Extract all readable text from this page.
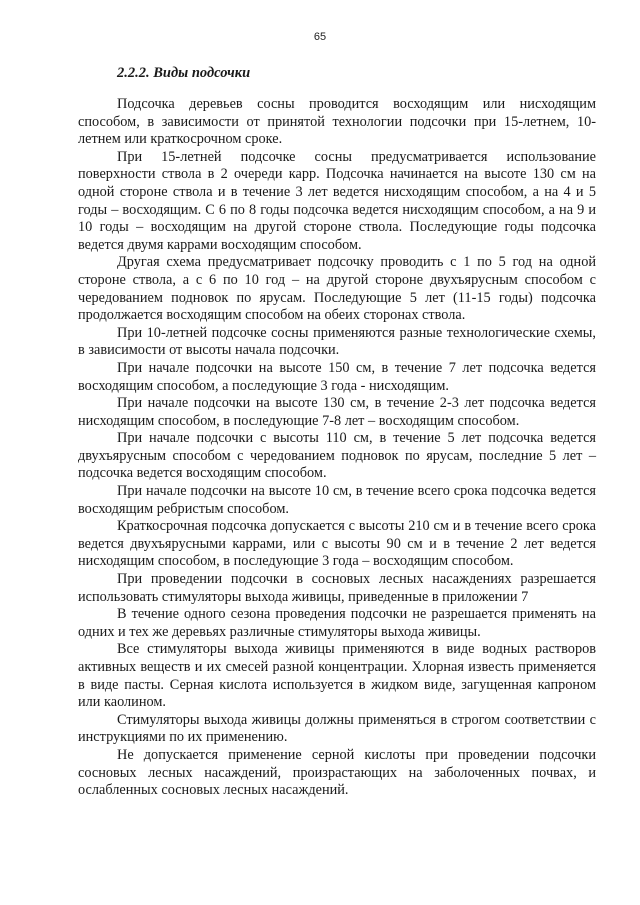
65
2.2.2. Виды подсочки

Подсочка деревьев сосны проводится восходящим или нисходящим способом, в зависимости от принятой технологии подсочки при 15-летнем, 10-летнем или краткосрочном сроке.

При 15-летней подсочке сосны предусматривается использование поверхности ствола в 2 очереди карр. Подсочка начинается на высоте 130 см на одной стороне ствола и в течение 3 лет ведется нисходящим способом, а на 4 и 5 годы – восходящим. С 6 по 8 годы подсочка ведется нисходящим способом, а на 9 и 10 годы – восходящим на другой стороне ствола. Последующие годы подсочка ведется двумя каррами восходящим способом.

Другая схема предусматривает подсочку проводить с 1 по 5 год на одной стороне ствола, а с 6 по 10 год – на другой стороне двухъярусным способом с чередованием подновок по ярусам. Последующие 5 лет (11-15 годы) подсочка продолжается восходящим способом на обеих сторонах ствола.

При 10-летней подсочке сосны применяются разные технологические схемы, в зависимости от высоты начала подсочки.

При начале подсочки на высоте 150 см, в течение 7 лет подсочка ведется восходящим способом, а последующие 3 года - нисходящим.

При начале подсочки на высоте 130 см, в течение 2-3 лет подсочка ведется нисходящим способом, в последующие 7-8 лет – восходящим способом.

При начале подсочки с высоты 110 см, в течение 5 лет подсочка ведется двухъярусным способом с чередованием подновок по ярусам, последние 5 лет – подсочка ведется восходящим способом.

При начале подсочки на высоте 10 см, в течение всего срока подсочка ведется восходящим ребристым способом.

Краткосрочная подсочка допускается с высоты 210 см и в течение всего срока ведется двухъярусными каррами, или с высоты 90 см и в течение 2 лет ведется нисходящим способом, в последующие 3 года – восходящим способом.

При проведении подсочки в сосновых лесных насаждениях разрешается использовать стимуляторы выхода живицы, приведенные в приложении 7

В течение одного сезона проведения подсочки не разрешается применять на одних и тех же деревьях различные стимуляторы выхода живицы.

Все стимуляторы выхода живицы применяются в виде водных растворов активных веществ и их смесей разной концентрации. Хлорная известь применяется в виде пасты. Серная кислота используется в жидком виде, загущенная капроном или каолином.

Стимуляторы выхода живицы должны применяться в строгом соответствии с инструкциями по их применению.

Не допускается применение серной кислоты при проведении подсочки сосновых лесных насаждений, произрастающих на заболоченных почвах, и ослабленных сосновых лесных насаждений.
